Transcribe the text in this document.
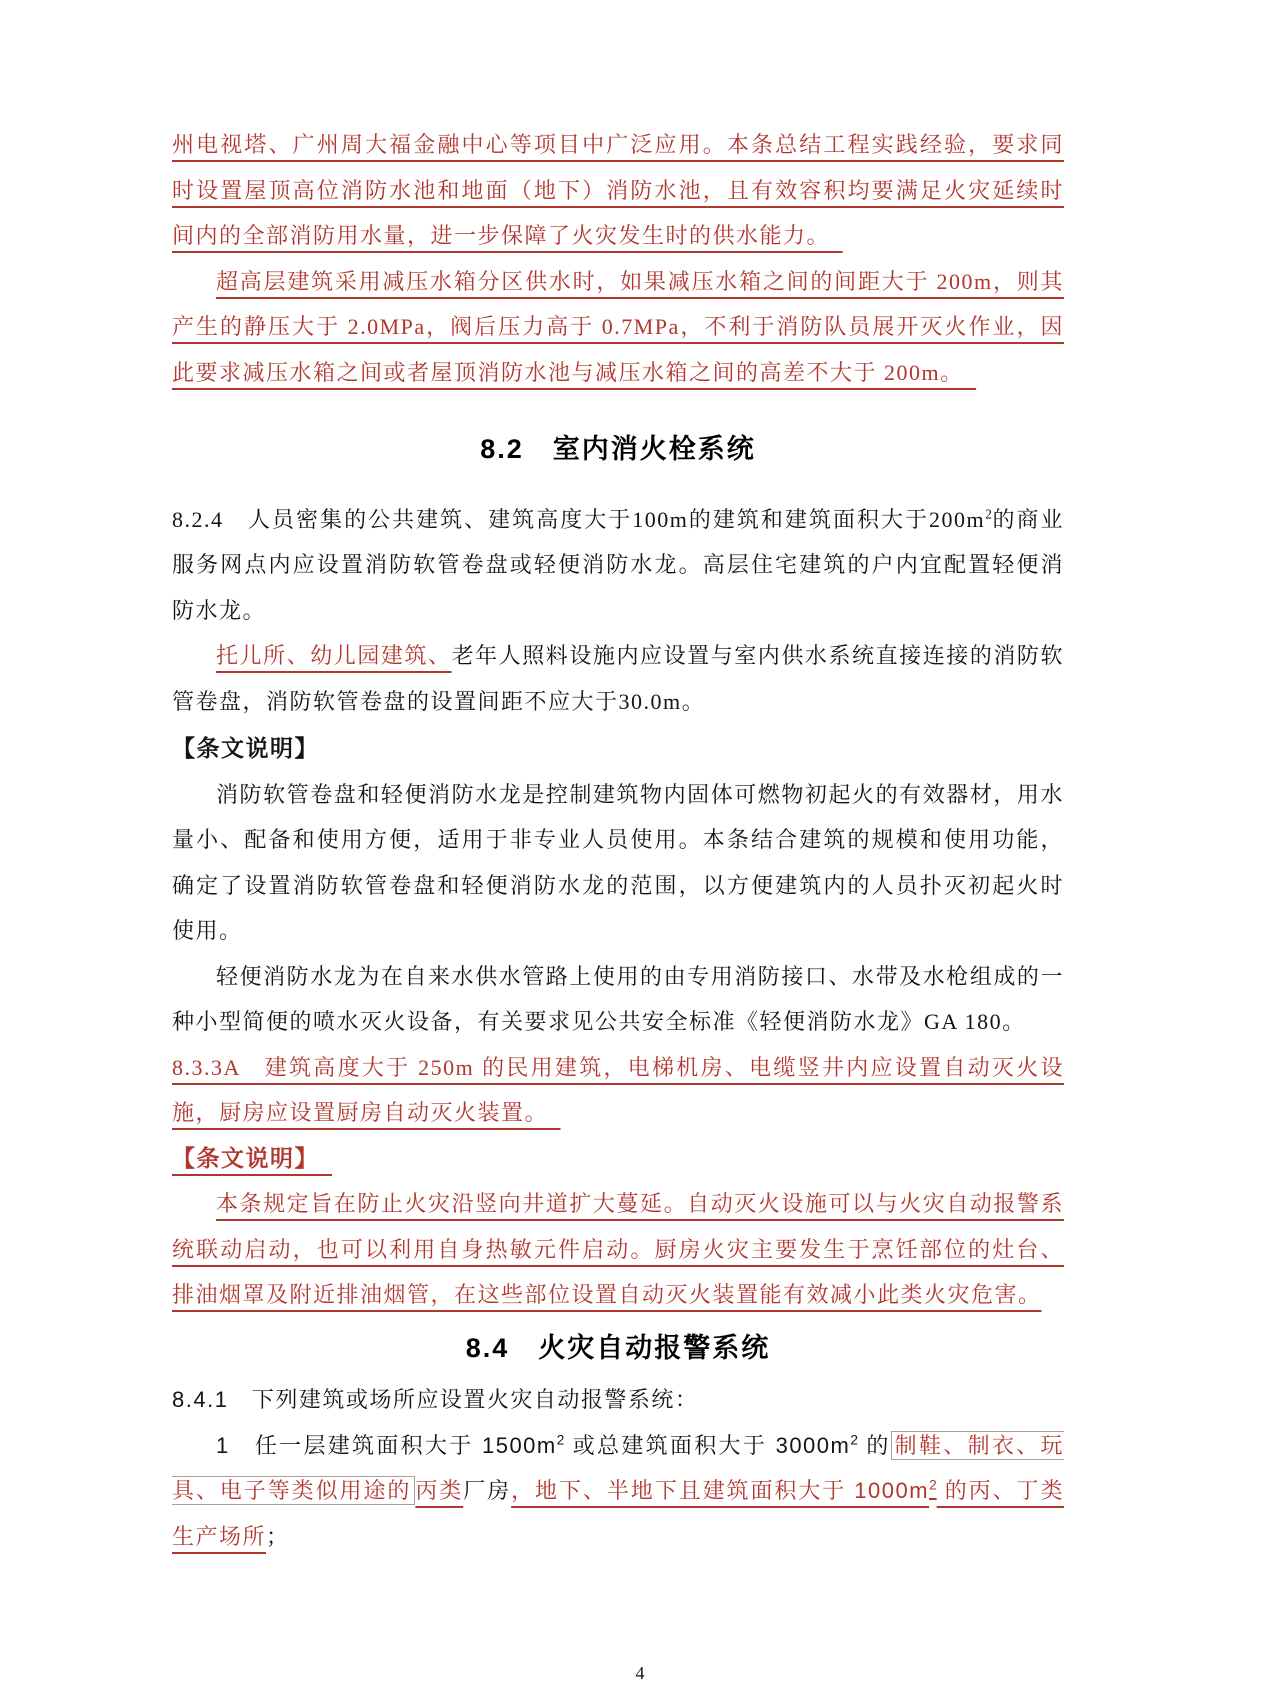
州电视塔、广州周大福金融中心等项目中广泛应用。本条总结工程实践经验，要求同时设置屋顶高位消防水池和地面（地下）消防水池，且有效容积均要满足火灾延续时间内的全部消防用水量，进一步保障了火灾发生时的供水能力。　
超高层建筑采用减压水箱分区供水时，如果减压水箱之间的间距大于 200m，则其产生的静压大于 2.0MPa，阀后压力高于 0.7MPa，不利于消防队员展开灭火作业，因此要求减压水箱之间或者屋顶消防水池与减压水箱之间的高差不大于 200m。　
8.2　室内消火栓系统
8.2.4　人员密集的公共建筑、建筑高度大于100m的建筑和建筑面积大于$200m^2$的商业服务网点内应设置消防软管卷盘或轻便消防水龙。高层住宅建筑的户内宜配置轻便消防水龙。
托儿所、幼儿园建筑、老年人照料设施内应设置与室内供水系统直接连接的消防软管卷盘，消防软管卷盘的设置间距不应大于30.0m。
【条文说明】
消防软管卷盘和轻便消防水龙是控制建筑物内固体可燃物初起火的有效器材，用水量小、配备和使用方便，适用于非专业人员使用。本条结合建筑的规模和使用功能，确定了设置消防软管卷盘和轻便消防水龙的范围，以方便建筑内的人员扑灭初起火时使用。
轻便消防水龙为在自来水供水管路上使用的由专用消防接口、水带及水枪组成的一种小型简便的喷水灭火设备，有关要求见公共安全标准《轻便消防水龙》GA 180。
8.3.3A　建筑高度大于 250m 的民用建筑，电梯机房、电缆竖井内应设置自动灭火设施，厨房应设置厨房自动灭火装置。　
【条文说明】　
本条规定旨在防止火灾沿竖向井道扩大蔓延。自动灭火设施可以与火灾自动报警系统联动启动，也可以利用自身热敏元件启动。厨房火灾主要发生于烹饪部位的灶台、排油烟罩及附近排油烟管，在这些部位设置自动灭火装置能有效减小此类火灾危害。
8.4　火灾自动报警系统
8.4.1　下列建筑或场所应设置火灾自动报警系统：
1　任一层建筑面积大于 $1500m^2$ 或总建筑面积大于 $3000m^2$ 的 制鞋、制衣、玩具、电子等类似用途的 丙类厂房，地下、半地下且建筑面积大于 $1000m^2$ 的丙、丁类生产场所；
4
